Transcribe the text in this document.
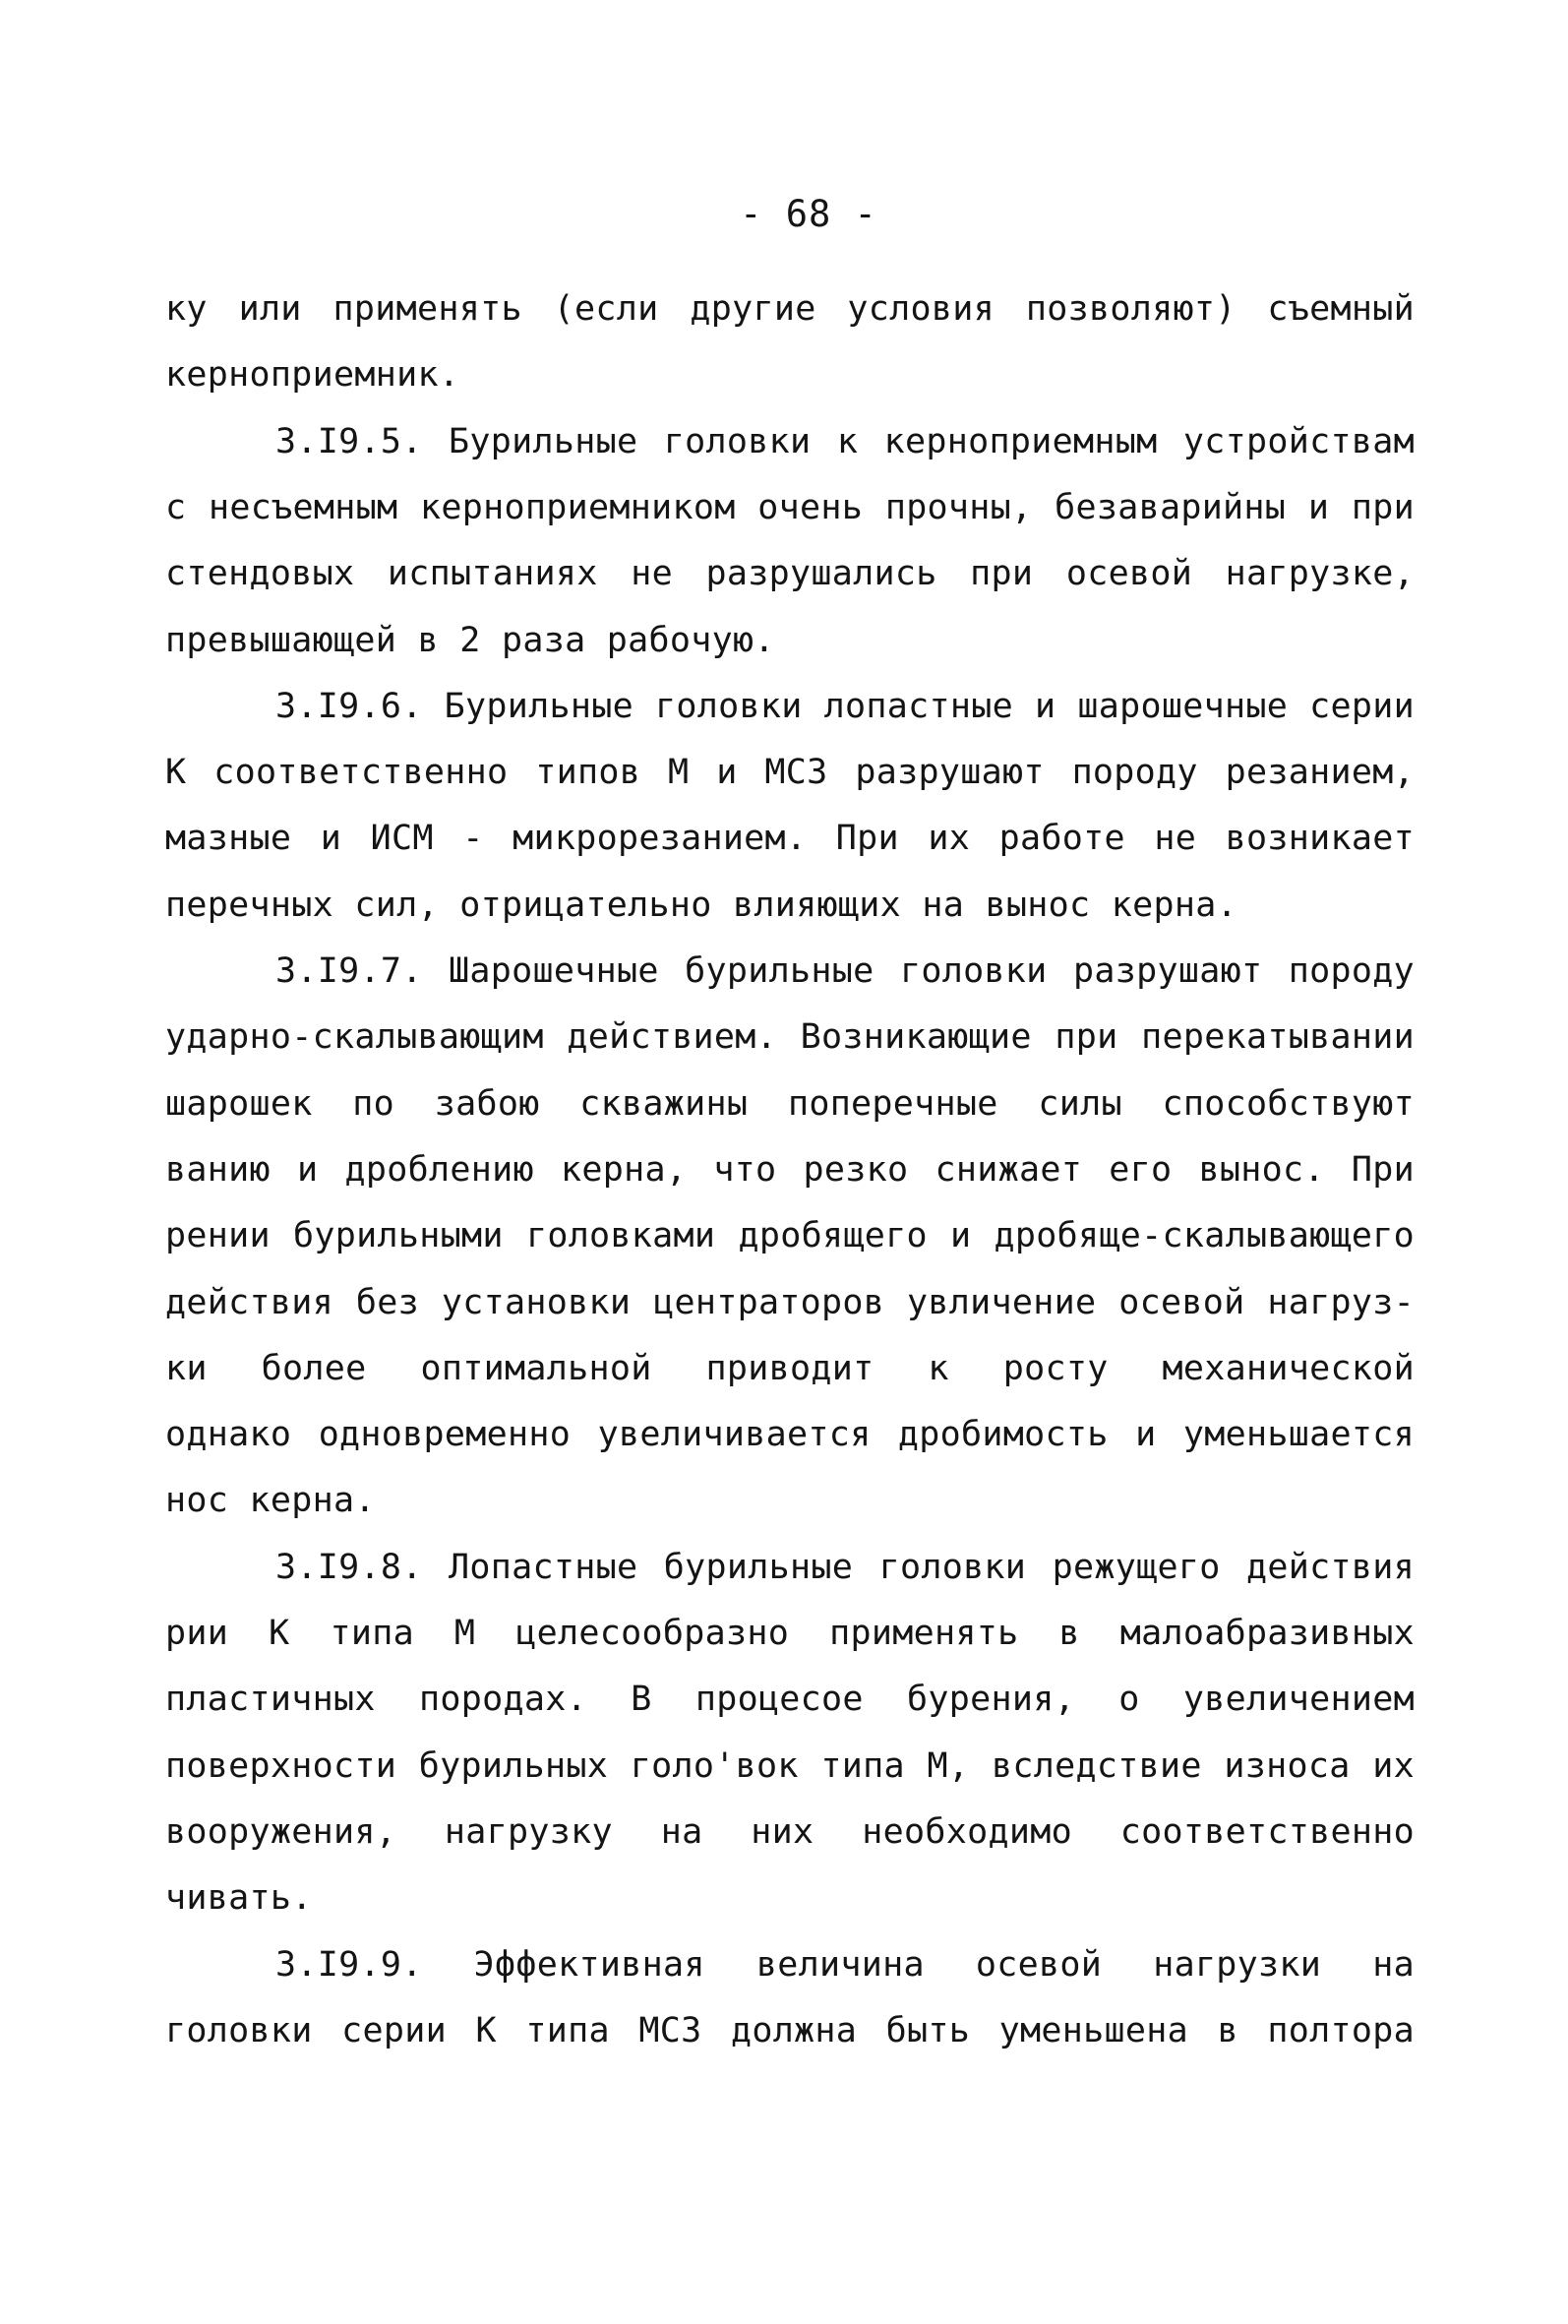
- 68 -
ку или применять (если другие условия позволяют) съемный
керноприемник.
3.I9.5. Бурильные головки к кернoприемным устройствам
с несъемным керноприемником очень прочны, безаварийны и при
стендовых испытаниях не разрушались при осевой нагрузке,
превышающей в 2 раза рабочую.
3.I9.6. Бурильные головки лопастные и шарошечные серии
К соответственно типов М и МСЗ разрушают породу резанием,
мазные и ИСМ - микрорезанием. При их работе не возникает
перечных сил, отрицательно влияющих на вынос керна.
3.I9.7. Шарошечные бурильные головки разрушают породу
ударно-скалывающим действием. Возникающие при перекатывании
шарошек по забою скважины поперечные силы способствуют
ванию и дроблению керна, что резко снижает его вынос. При
рении бурильными головками дробящего и дробяще-скалывающего
действия без установки центраторов увличение осевой нагруз-
ки более оптимальной приводит к росту механической
однако одновременно увеличивается дробимость и уменьшается
нос керна.
3.I9.8. Лопастные бурильные головки режущего действия
рии К типа М целесообразно применять в малоабразивных
пластичных породах. В процесое бурения, о увеличением
поверхности бурильных голо'вок типа М, вследствие износа их
вооружения, нагрузку на них необходимо соответственно
чивать.
3.I9.9. Эффективная величина осевой нагрузки на
головки серии К типа МСЗ должна быть уменьшена в полтора
